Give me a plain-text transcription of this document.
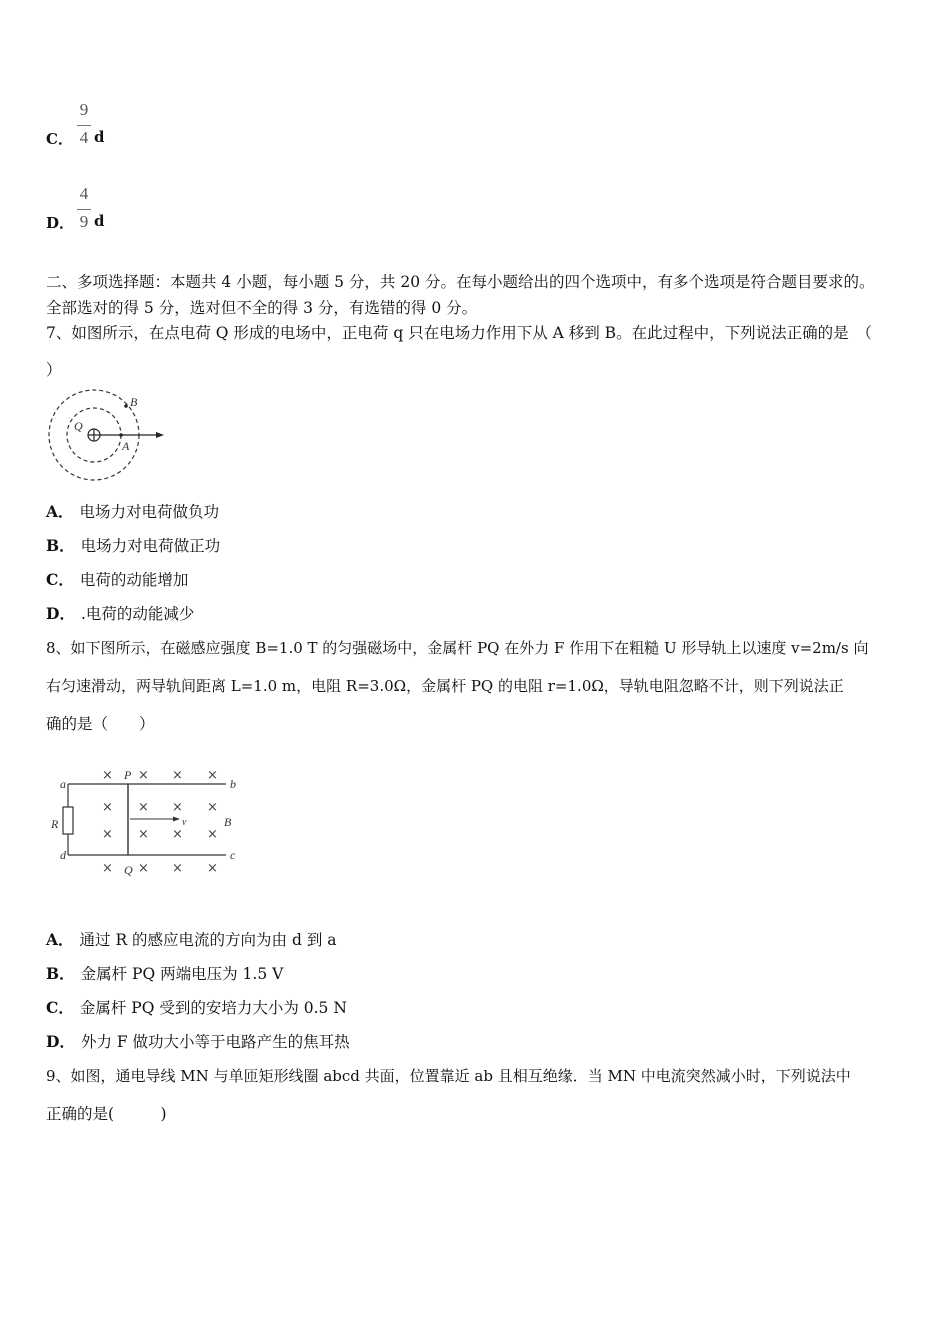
C．
9
4 d
D．
4
9 d
二、多项选择题：本题共 4 小题，每小题 5 分，共 20 分。在每小题给出的四个选项中，有多个选项是符合题目要求的。
全部选对的得 5 分，选对但不全的得 3 分，有选错的得 0 分。
7、如图所示，在点电荷 Q 形成的电场中，正电荷 q 只在电场力作用下从 A 移到 B。在此过程中，下列说法正确的是　（
）
Q
A
B
A． 电场力对电荷做负功
B． 电场力对电荷做正功
C． 电荷的动能增加
D． .电荷的动能减少
8、如下图所示，在磁感应强度 B=1.0 T 的匀强磁场中，金属杆 PQ 在外力 F 作用下在粗糙 U 形导轨上以速度 v=2m/s 向
右匀速滑动，两导轨间距离 L=1.0 m，电阻 R=3.0Ω，金属杆 PQ 的电阻 r=1.0Ω，导轨电阻忽略不计，则下列说法正
确的是（　　）
a	b
c
d
P
Q
R	B
v
× × × ×
× × × ×
× × × ×
× × × ×
A． 通过 R 的感应电流的方向为由 d 到 a
B． 金属杆 PQ 两端电压为 1.5 V
C． 金属杆 PQ 受到的安培力大小为 0.5 N
D． 外力 F 做功大小等于电路产生的焦耳热
9、如图，通电导线 MN 与单匝矩形线圈 abcd 共面，位置靠近 ab 且相互绝缘．当 MN 中电流突然减小时，下列说法中
正确的是(　　　)
